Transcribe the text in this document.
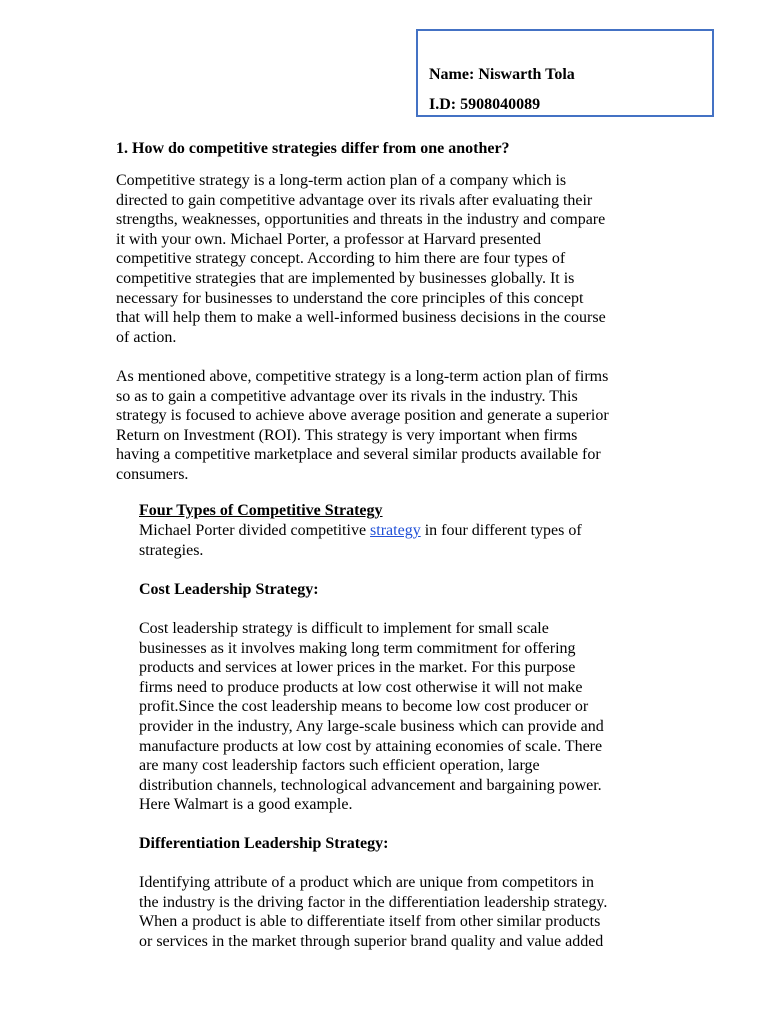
Name: Niswarth Tola
I.D: 5908040089
1. How do competitive strategies differ from one another?
Competitive strategy is a long-term action plan of a company which is
directed to gain competitive advantage over its rivals after evaluating their
strengths, weaknesses, opportunities and threats in the industry and compare
it with your own. Michael Porter, a professor at Harvard presented
competitive strategy concept. According to him there are four types of
competitive strategies that are implemented by businesses globally. It is
necessary for businesses to understand the core principles of this concept
that will help them to make a well-informed business decisions in the course
of action.
As mentioned above, competitive strategy is a long-term action plan of firms
so as to gain a competitive advantage over its rivals in the industry. This
strategy is focused to achieve above average position and generate a superior
Return on Investment (ROI). This strategy is very important when firms
having a competitive marketplace and several similar products available for
consumers.
Four Types of Competitive Strategy
Michael Porter divided competitive strategy in four different types of
strategies.
Cost Leadership Strategy:
Cost leadership strategy is difficult to implement for small scale
businesses as it involves making long term commitment for offering
products and services at lower prices in the market. For this purpose
firms need to produce products at low cost otherwise it will not make
profit.Since the cost leadership means to become low cost producer or
provider in the industry, Any large-scale business which can provide and
manufacture products at low cost by attaining economies of scale. There
are many cost leadership factors such efficient operation, large
distribution channels, technological advancement and bargaining power.
Here Walmart is a good example.
Differentiation Leadership Strategy:
Identifying attribute of a product which are unique from competitors in
the industry is the driving factor in the differentiation leadership strategy.
When a product is able to differentiate itself from other similar products
or services in the market through superior brand quality and value added
